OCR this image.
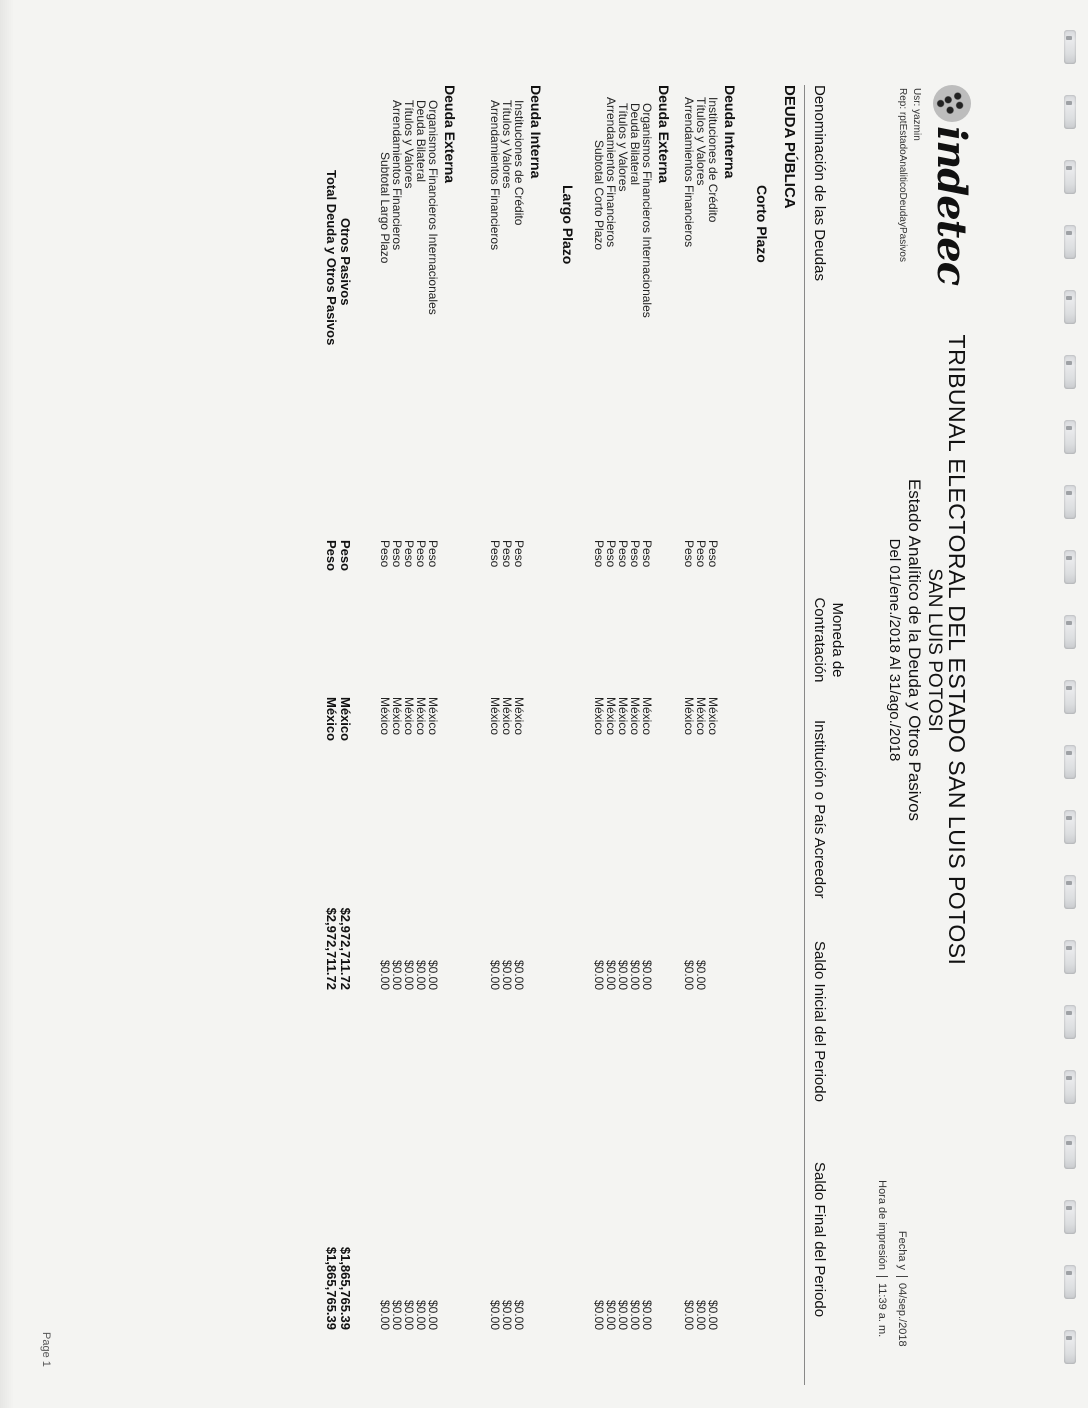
Page 1
indetec
Usr: yazmin
Rep: rptEstadoAnaliticoDeudayPasivos
TRIBUNAL ELECTORAL DEL ESTADO SAN LUIS POTOSI
SAN LUIS POTOSI
Estado Analítico de la Deuda y Otros Pasivos
Del 01/ene./2018 Al 31/ago./2018
Fecha y
04/sep./2018
Hora de impresión
11:39 a. m.
Denominación de las Deudas
Moneda de
Contratación
Institución o País Acreedor
Saldo Inicial del Periodo
Saldo Final del Periodo
DEUDA PÚBLICA
Corto Plazo
Deuda Interna
Instituciones de Crédito
Peso
México
$0.00
Títulos y Valores
Peso
México
$0.00
$0.00
Arrendamientos Financieros
Peso
México
$0.00
$0.00
Deuda Externa
Organismos Financieros Internacionales
Peso
México
$0.00
$0.00
Deuda Bilateral
Peso
México
$0.00
$0.00
Títulos y Valores
Peso
México
$0.00
$0.00
Arrendamientos Financieros
Peso
México
$0.00
$0.00
Subtotal Corto Plazo
Peso
México
$0.00
$0.00
Largo Plazo
Deuda Interna
Instituciones de Crédito
Peso
México
$0.00
$0.00
Títulos y Valores
Peso
México
$0.00
$0.00
Arrendamientos Financieros
Peso
México
$0.00
$0.00
Deuda Externa
Organismos Financieros Internacionales
Peso
México
$0.00
$0.00
Deuda Bilateral
Peso
México
$0.00
$0.00
Títulos y Valores
Peso
México
$0.00
$0.00
Arrendamientos Financieros
Peso
México
$0.00
$0.00
Subtotal Largo Plazo
Peso
México
$0.00
$0.00
Otros Pasivos
Peso
México
$2,972,711.72
$1,865,765.39
Total Deuda y Otros Pasivos
Peso
México
$2,972,711.72
$1,865,765.39
